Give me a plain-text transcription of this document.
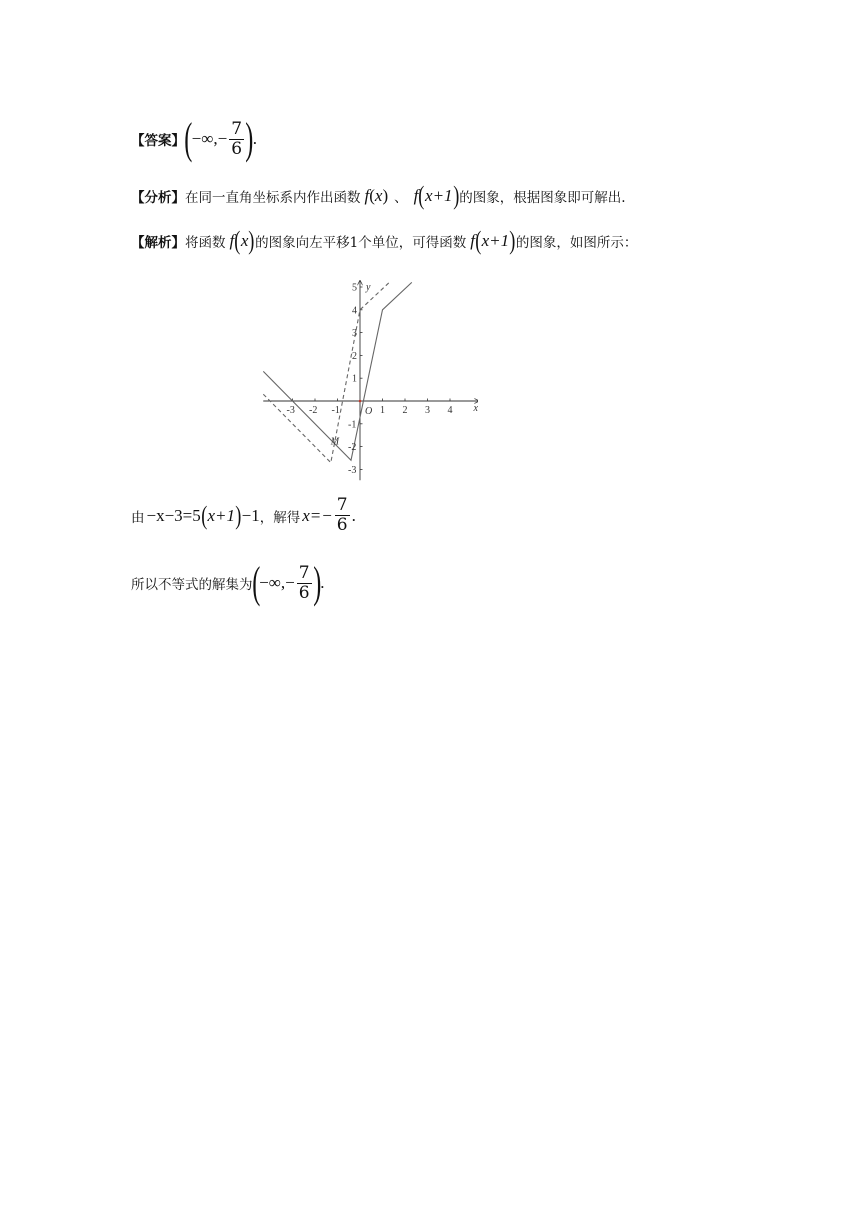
【答案】 ( −∞ ,− $\frac{7}{6}$ ) .
【分析】 在同一直角坐标系内作出函数 f ( x ) 、 f ( x+1 ) 的图象，根据图象即可解出.
【解析】 将函数 f ( x ) 的图象向左平移1个单位，可得函数 f ( x+1 ) 的图象，如图所示：
-3 -2 -1	1 2 3 4
5
4
3
2
1
-1
-2
-3
x
y
O
M
由 −x−3=5 ( x+1 ) −1 ，解得 $x=- \frac{7}{6}$ .
所以不等式的解集为 ( −∞ ,− $\frac{7}{6}$ ) .
